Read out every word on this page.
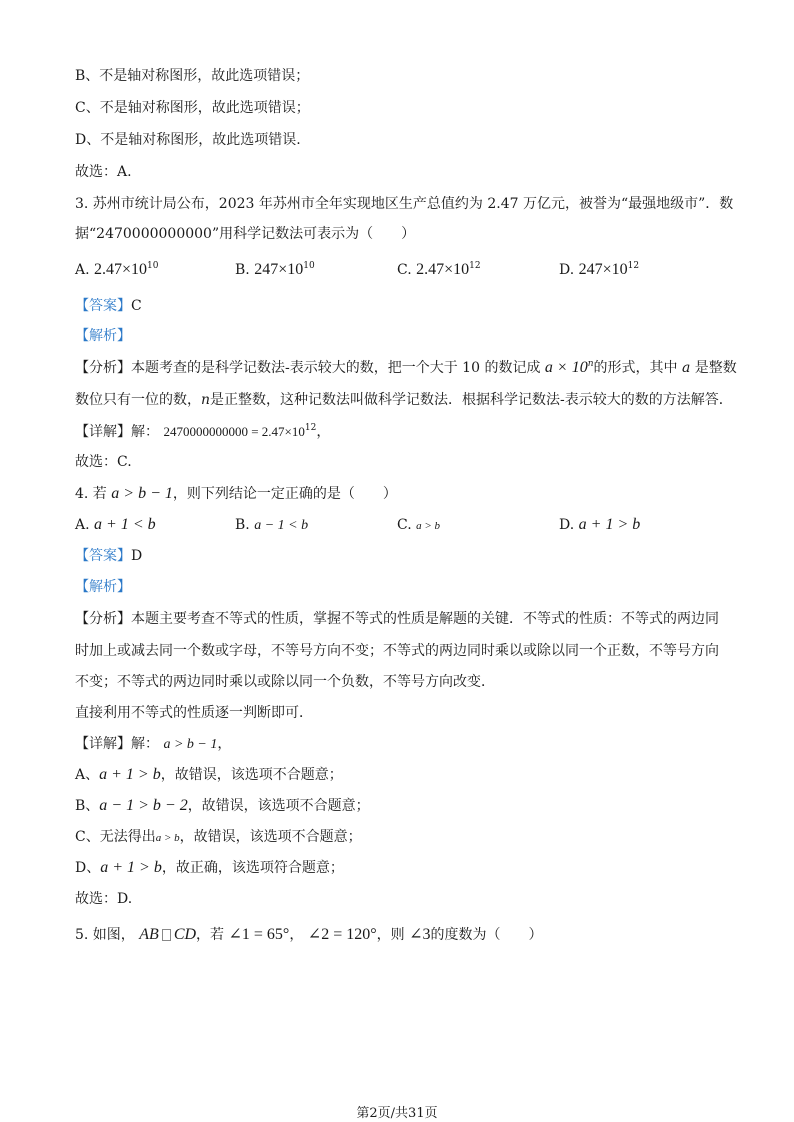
B、不是轴对称图形，故此选项错误；
C、不是轴对称图形，故此选项错误；
D、不是轴对称图形，故此选项错误.
故选：A.
3. 苏州市统计局公布，2023 年苏州市全年实现地区生产总值约为 2.47 万亿元，被誉为“最强地级市”．数
据“2470000000000”用科学记数法可表示为（　　）
A. $2.47\times 10^{10}$	B. $247\times 10^{10}$	C. $2.47\times 10^{12}$	D. $247\times 10^{12}$
【答案】C
【解析】
【分析】本题考查的是科学记数法-表示较大的数，把一个大于 10 的数记成 $a \times 10^n$的形式，其中 a 是整数
数位只有一位的数，n是正整数，这种记数法叫做科学记数法．根据科学记数法-表示较大的数的方法解答．
【详解】解： $2470000000000 = 2.47\times 10^{12}$，
故选：C.
4. 若 a > b − 1，则下列结论一定正确的是（　　）
A. a + 1 < b	B. a − 1 < b	C. a > b	D. a + 1 > b
【答案】D
【解析】
【分析】本题主要考查不等式的性质，掌握不等式的性质是解题的关键．不等式的性质：不等式的两边同
时加上或减去同一个数或字母，不等号方向不变；不等式的两边同时乘以或除以同一个正数，不等号方向
不变；不等式的两边同时乘以或除以同一个负数，不等号方向改变．
直接利用不等式的性质逐一判断即可．
【详解】解： a > b − 1，
A、a + 1 > b，故错误，该选项不合题意；
B、a − 1 > b − 2，故错误，该选项不合题意；
C、无法得出a > b，故错误，该选项不合题意；
D、a + 1 > b，故正确，该选项符合题意；
故选：D.
5. 如图， AB CD，若 ∠1 = 65°， ∠2 = 120°，则 ∠3的度数为（　　）
第2页/共31页
